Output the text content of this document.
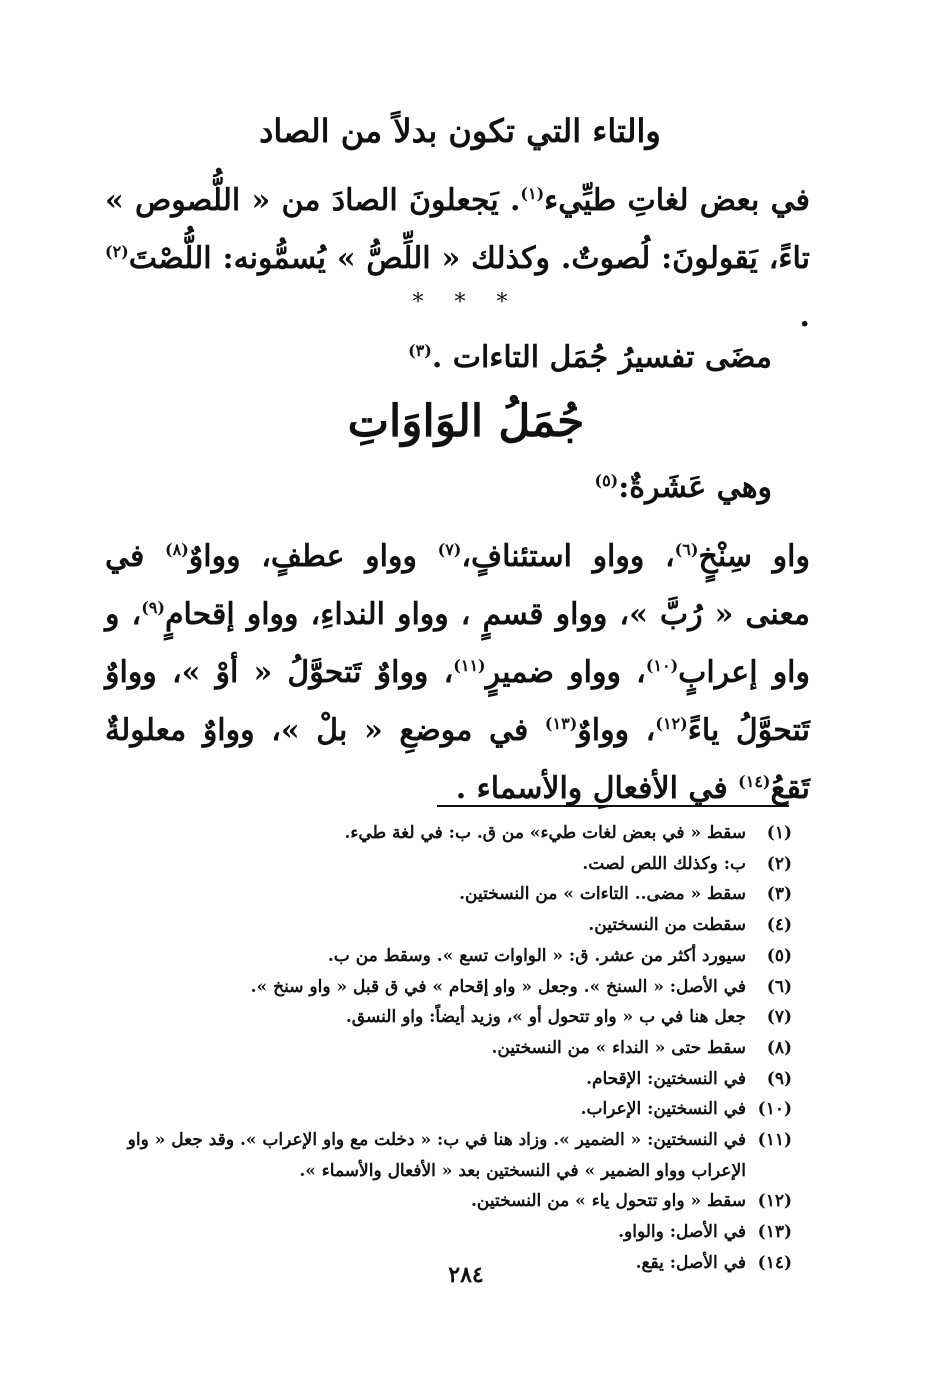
والتاء التي تكون بدلاً من الصاد
في بعض لغاتِ طيِّيء$^{(١)}$. يَجعلونَ الصادَ من « اللُّصوص » تاءً، يَقولونَ: لُصوتٌ. وكذلك « اللِّصُّ » يُسمُّونه: اللُّصْتَ$^{(٢)}$ .
* * *
مضَى تفسيرُ جُمَل التاءات .$^{(٣)}$
جُمَلُ الوَاوَاتِ
وهي عَشَرةٌ:$^{(٥)}$
واو سِنْخٍ$^{(٦)}$، وواو استئنافٍ،$^{(٧)}$ وواو عطفٍ، وواوٌ$^{(٨)}$ في معنى « رُبَّ »، وواو قسمٍ ، وواو النداءِ، وواو إقحامٍ$^{(٩)}$، و واو إعرابٍ$^{(١٠)}$، وواو ضميرٍ$^{(١١)}$، وواوٌ تَتحوَّلُ « أوْ »، وواوٌ تَتحوَّلُ ياءً$^{(١٢)}$، وواوٌ$^{(١٣)}$ في موضعِ « بلْ »، وواوٌ معلولةٌ تَقعُ$^{(١٤)}$ في الأفعالِ والأسماء .
(١)
سقط « في بعض لغات طيء» من ق. ب: في لغة طيء.
(٢)
ب: وكذلك اللص لصت.
(٣)
سقط « مضى.. التاءات » من النسختين.
(٤)
سقطت من النسختين.
(٥)
سيورد أكثر من عشر. ق: « الواوات تسع ». وسقط من ب.
(٦)
في الأصل: « السنخ ». وجعل « واو إقحام » في ق قبل « واو سنخ ».
(٧)
جعل هنا في ب « واو تتحول أو »، وزيد أيضاً: واو النسق.
(٨)
سقط حتى « النداء » من النسختين.
(٩)
في النسختين: الإقحام.
(١٠)
في النسختين: الإعراب.
(١١)
في النسختين: « الضمير ». وزاد هنا في ب: « دخلت مع واو الإعراب ». وقد جعل « واو الإعراب وواو الضمير » في النسختين بعد « الأفعال والأسماء ».
(١٢)
سقط « واو تتحول ياء » من النسختين.
(١٣)
في الأصل: والواو.
(١٤)
في الأصل: يقع.
٢٨٤
